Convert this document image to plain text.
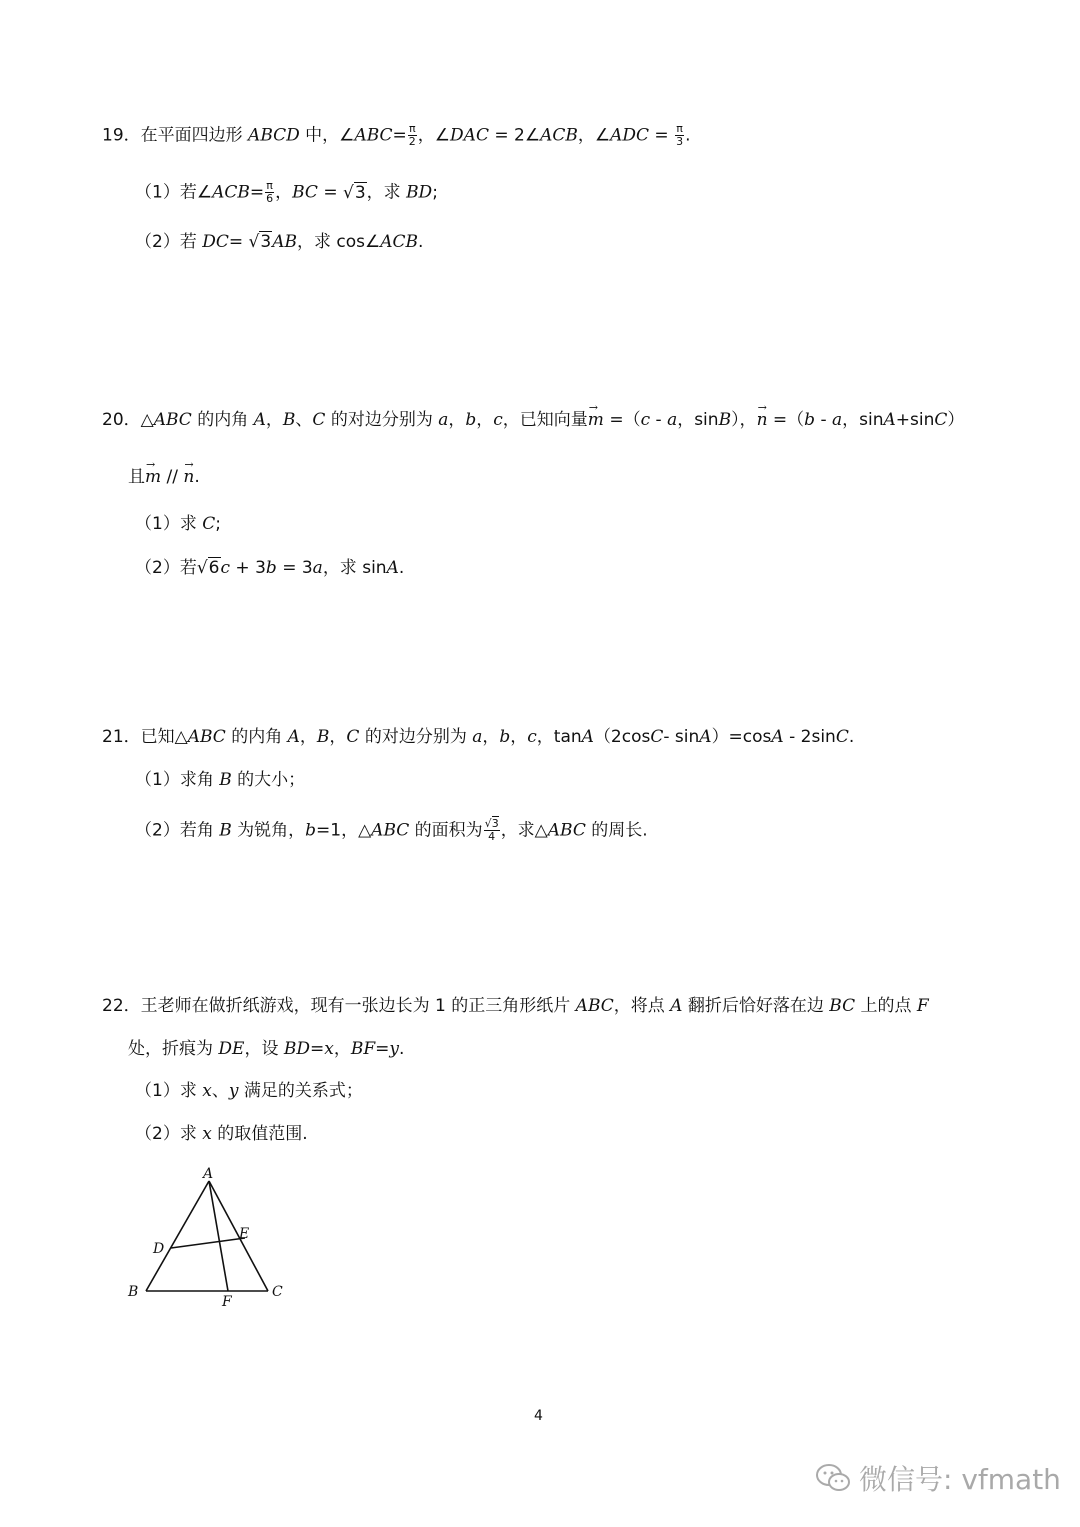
19．在平面四边形 ABCD 中，∠ABC= $\frac{\pi}{2}$ ，∠DAC = 2∠ACB，∠ADC = $\frac{\pi}{3}$ .
（1）若∠ACB= $\frac{\pi}{6}$ ，BC = √3，求 BD;
（2）若 DC= √3AB，求 cos∠ACB.
20．△ABC 的内角 A，B、C 的对边分别为 a，b，c，已知向量→ m =（c - a，sinB），→ n =（b - a，sinA+sinC）
且→ m // → n.
（1）求 C;
（2）若√6c + 3b = 3a，求 sinA.
21．已知△ABC 的内角 A，B，C 的对边分别为 a，b，c，tanA（2cosC- sinA）=cosA - 2sinC.
（1）求角 B 的大小；
（2）若角 B 为锐角，b=1，△ABC 的面积为 $\frac{√3}{4}$ ，求△ABC 的周长.
22．王老师在做折纸游戏，现有一张边长为 1 的正三角形纸片 ABC，将点 A 翻折后恰好落在边 BC 上的点 F
处，折痕为 DE，设 BD=x，BF=y.
（1）求 x、y 满足的关系式；
（2）求 x 的取值范围.
A
B	C
D
E
F
4
微信号: vfmath
